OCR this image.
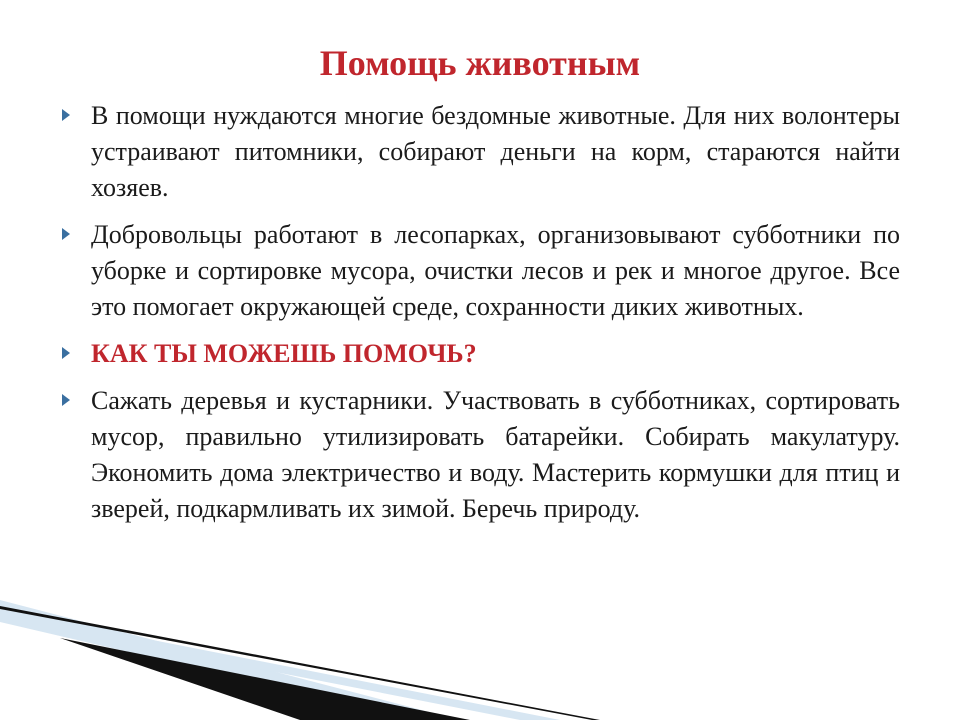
Помощь животным
В помощи нуждаются многие бездомные животные. Для них волонтеры устраивают питомники, собирают деньги на корм, стараются найти хозяев.
Добровольцы работают в лесопарках, организовывают субботники по уборке и сортировке мусора, очистки лесов и рек и многое другое. Все это помогает окружающей среде, сохранности диких животных.
КАК ТЫ МОЖЕШЬ ПОМОЧЬ?
Сажать деревья и кустарники. Участвовать в субботниках, сортировать мусор, правильно утилизировать батарейки. Собирать макулатуру. Экономить дома электричество и воду. Мастерить кормушки для птиц и зверей, подкармливать их зимой. Беречь природу.
